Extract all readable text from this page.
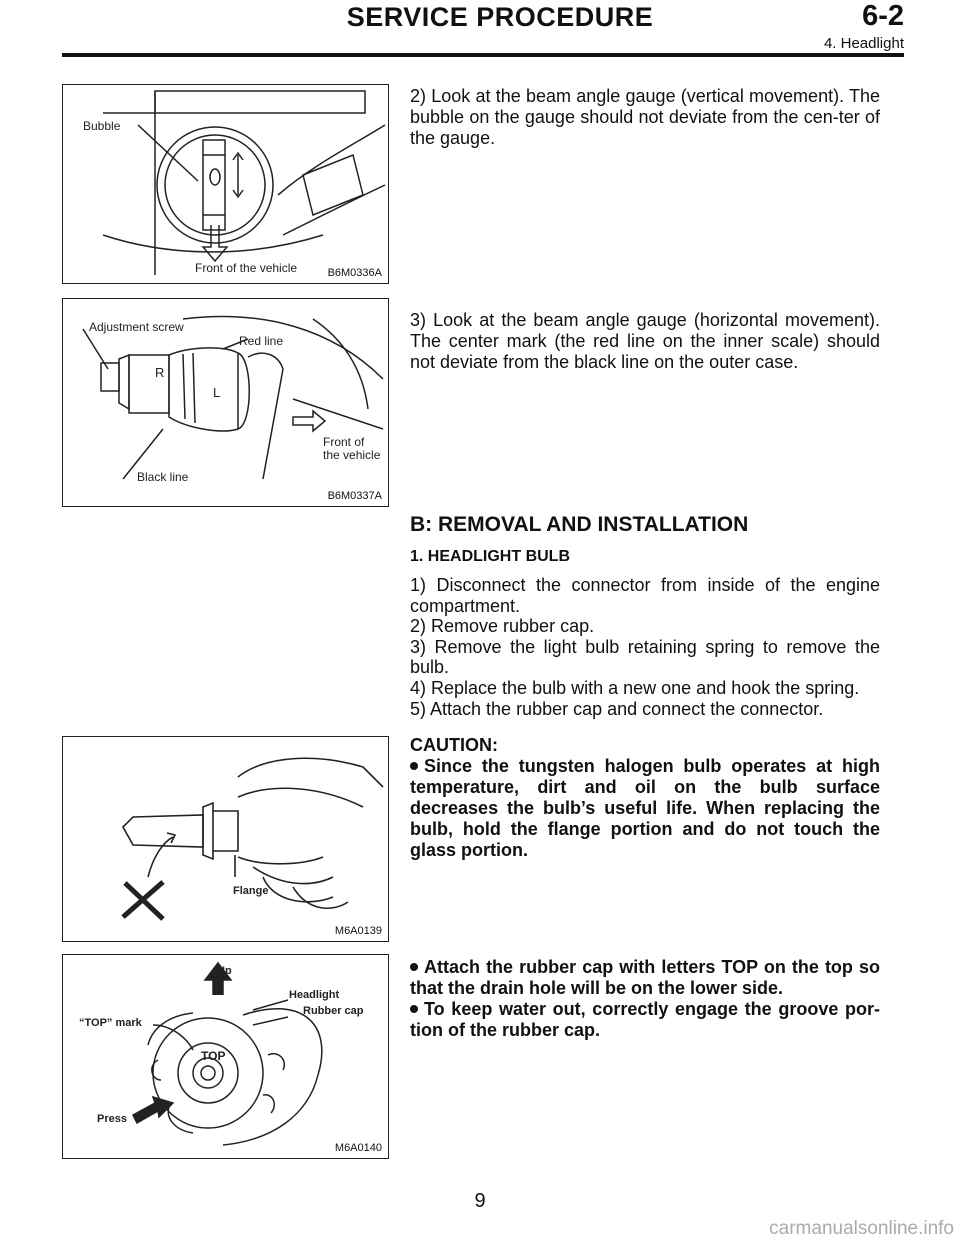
SERVICE PROCEDURE	6-2
4. Headlight
Bubble
Front of the vehicle	B6M0336A

2) Look at the beam angle gauge (vertical movement). The bubble on the gauge should not deviate from the cen-ter of the gauge.

R
L
Adjustment screw
Red line
Front of
the vehicle
Black line
B6M0337A

3) Look at the beam angle gauge (horizontal movement). The center mark (the red line on the inner scale) should not deviate from the black line on the outer case.

B: REMOVAL AND INSTALLATION
1. HEADLIGHT BULB
1) Disconnect the connector from inside of the engine compartment.
2) Remove rubber cap.
3) Remove the light bulb retaining spring to remove the bulb.
4) Replace the bulb with a new one and hook the spring.
5) Attach the rubber cap and connect the connector.
Flange
M6A0139
CAUTION:
Since the tungsten halogen bulb operates at high temperature, dirt and oil on the bulb surface decreases the bulb’s useful life. When replacing the bulb, hold the flange portion and do not touch the glass portion.
Up
Headlight
“TOP” mark
Rubber cap
TOP
Press
M6A0140
Attach the rubber cap with letters TOP on the top so that the drain hole will be on the lower side.
To keep water out, correctly engage the groove por-tion of the rubber cap.
9
carmanualsonline.info
